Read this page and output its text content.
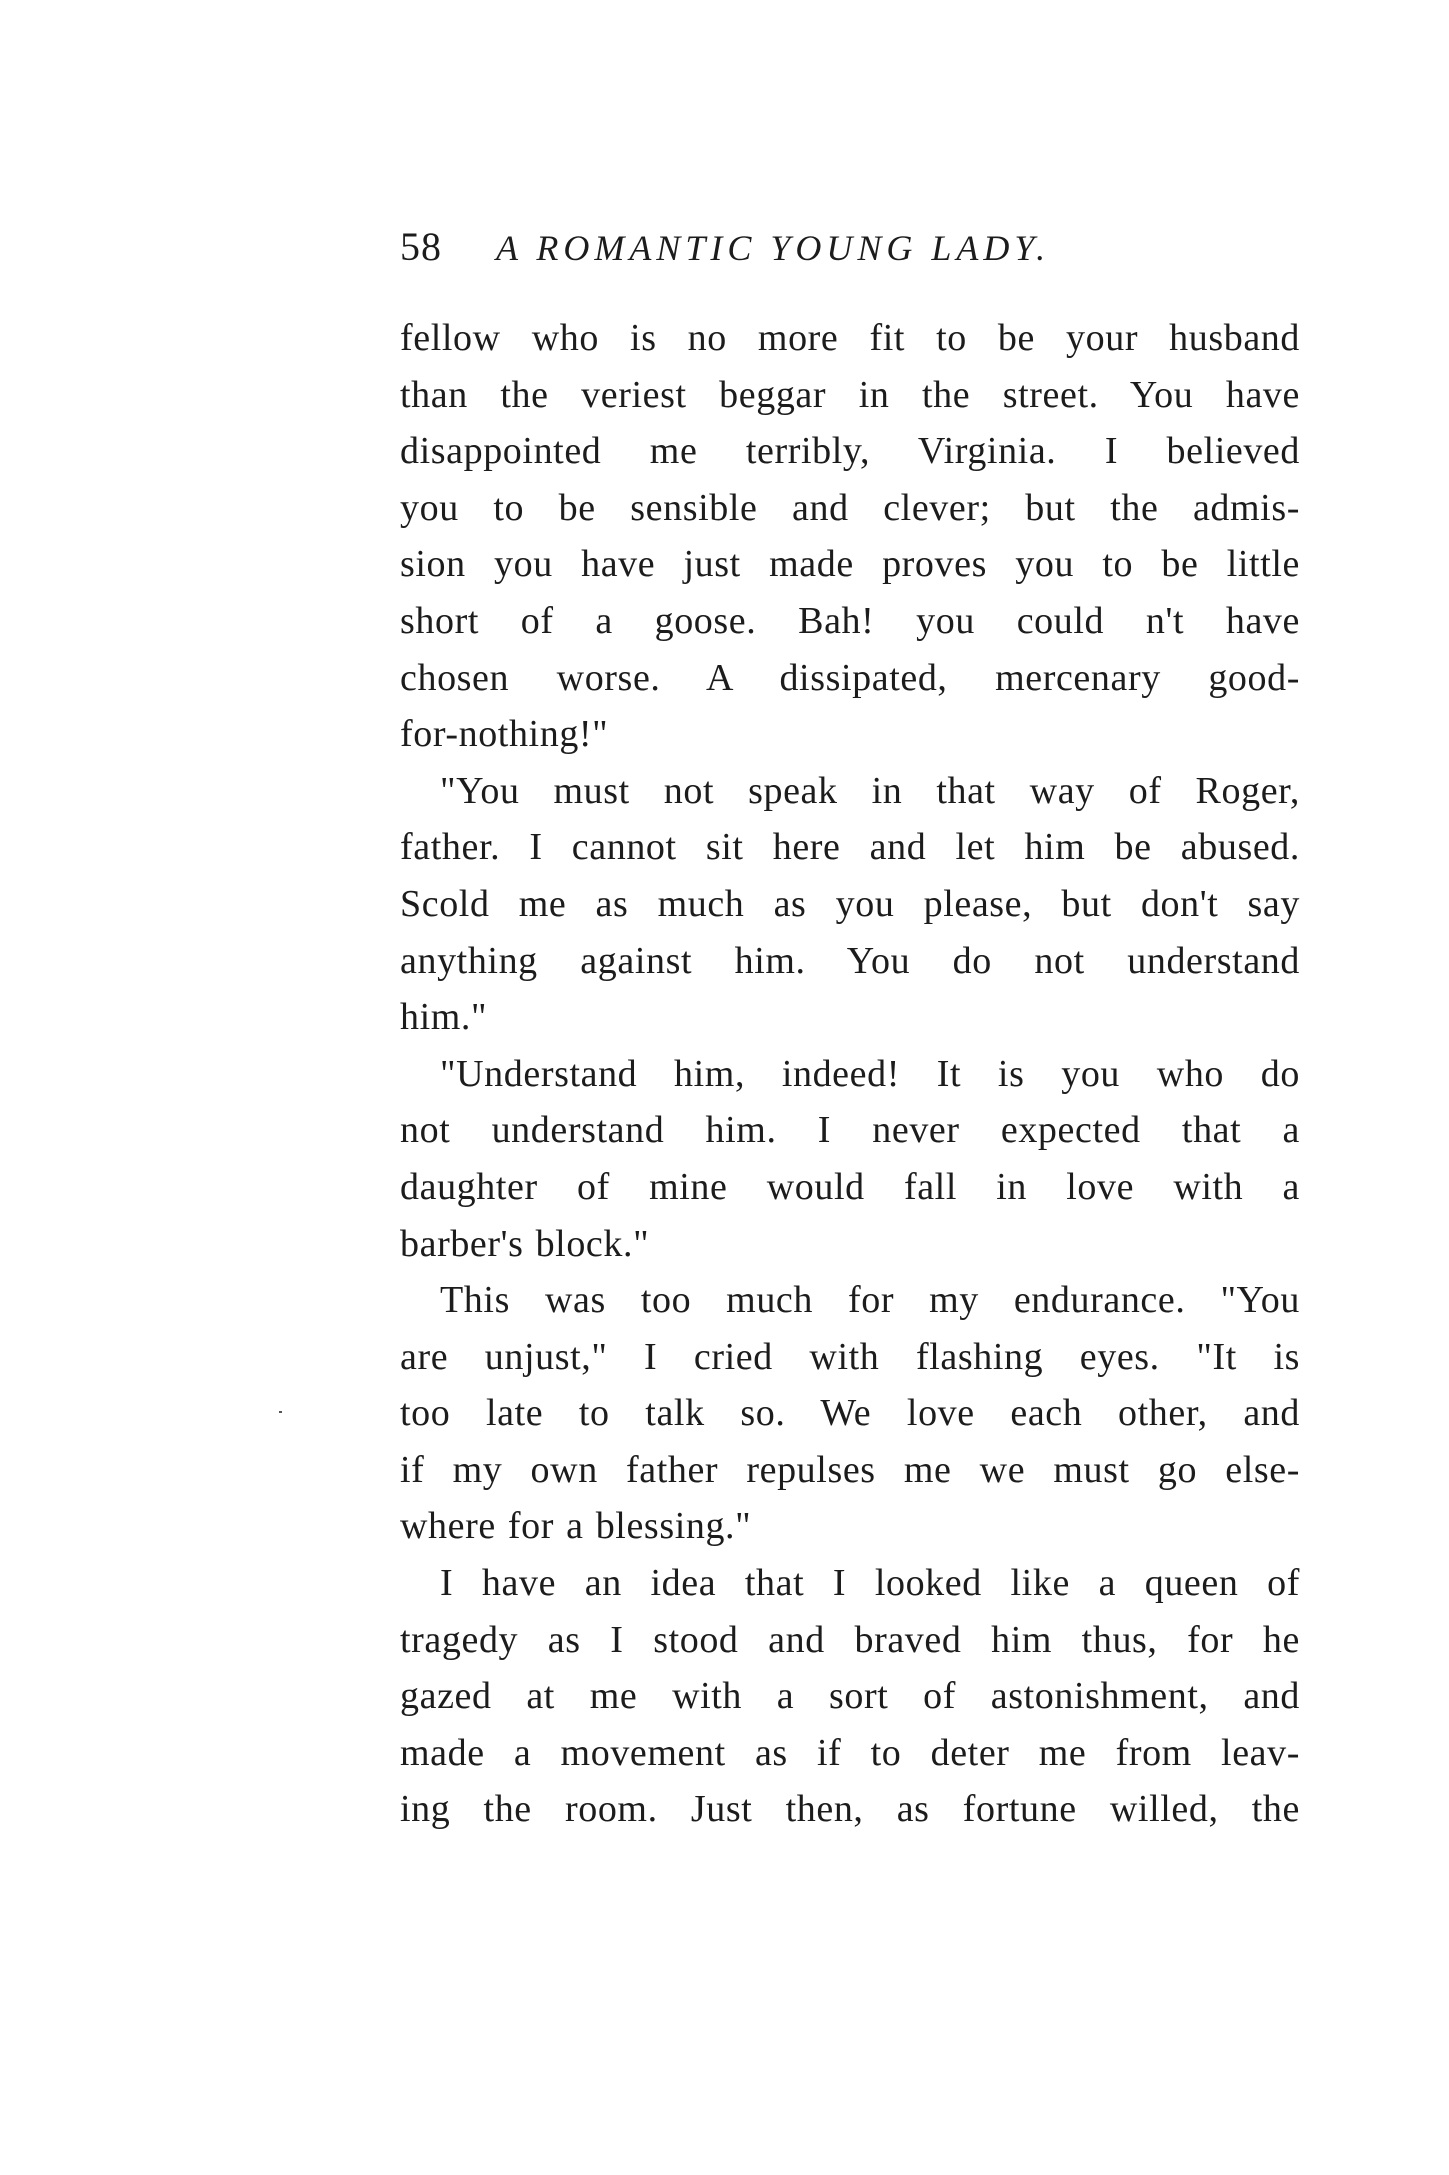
58 A ROMANTIC YOUNG LADY.
fellow who is no more fit to be your husband
than the veriest beggar in the street. You have
disappointed me terribly, Virginia. I believed
you to be sensible and clever; but the admis-
sion you have just made proves you to be little
short of a goose. Bah! you could n't have
chosen worse. A dissipated, mercenary good-
for-nothing!"
"You must not speak in that way of Roger,
father. I cannot sit here and let him be abused.
Scold me as much as you please, but don't say
anything against him. You do not understand
him."
"Understand him, indeed! It is you who do
not understand him. I never expected that a
daughter of mine would fall in love with a
barber's block."
This was too much for my endurance. "You
are unjust," I cried with flashing eyes. "It is
too late to talk so. We love each other, and
if my own father repulses me we must go else-
where for a blessing."
I have an idea that I looked like a queen of
tragedy as I stood and braved him thus, for he
gazed at me with a sort of astonishment, and
made a movement as if to deter me from leav-
ing the room. Just then, as fortune willed, the
